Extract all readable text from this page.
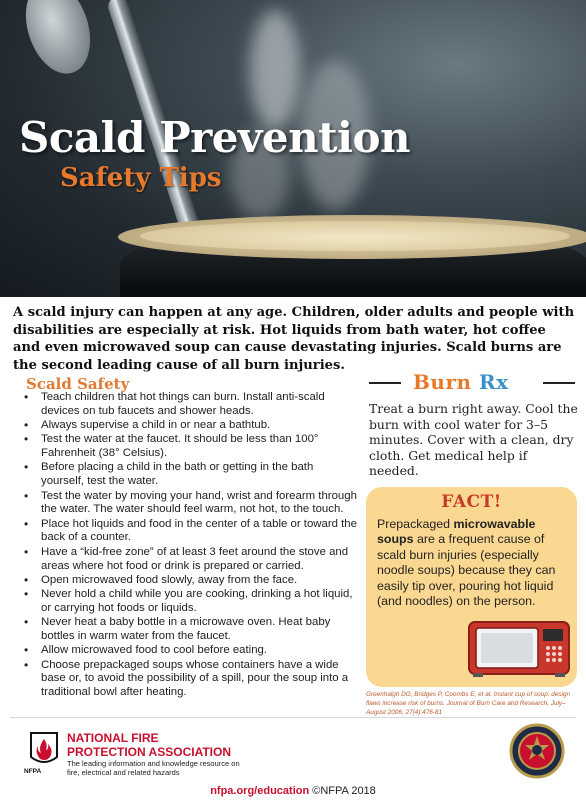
Scald Prevention
Safety Tips

A scald injury can happen at any age. Children, older adults and people with disabilities are especially at risk. Hot liquids from bath water, hot coffee and even microwaved soup can cause devastating injuries. Scald burns are the second leading cause of all burn injuries.

Scald Safety
• Teach children that hot things can burn. Install anti-scald devices on tub faucets and shower heads.
• Always supervise a child in or near a bathtub.
• Test the water at the faucet. It should be less than 100° Fahrenheit (38° Celsius).
• Before placing a child in the bath or getting in the bath yourself, test the water.
• Test the water by moving your hand, wrist and forearm through the water. The water should feel warm, not hot, to the touch.
• Place hot liquids and food in the center of a table or toward the back of a counter.
• Have a “kid-free zone” of at least 3 feet around the stove and areas where hot food or drink is prepared or carried.
• Open microwaved food slowly, away from the face.
• Never hold a child while you are cooking, drinking a hot liquid, or carrying hot foods or liquids.
• Never heat a baby bottle in a microwave oven. Heat baby bottles in warm water from the faucet.
• Allow microwaved food to cool before eating.
• Choose prepackaged soups whose containers have a wide base or, to avoid the possibility of a spill, pour the soup into a traditional bowl after heating.
Burn Rx

Treat a burn right away. Cool the burn with cool water for 3–5 minutes. Cover with a clean, dry cloth. Get medical help if needed.

FACT!

Prepackaged microwavable soups are a frequent cause of scald burn injuries (especially noodle soups) because they can easily tip over, pouring hot liquid (and noodles) on the person.

Greenhalgh DG, Bridges P, Coombs E, et al. Instant cup of soup: design flaws increase risk of burns. Journal of Burn Care and Research, July–August 2006; 27(4):476-81

NFPA

NATIONAL FIRE
PROTECTION ASSOCIATION

The leading information and knowledge resource on fire, electrical and related hazards

nfpa.org/education ©NFPA 2018
